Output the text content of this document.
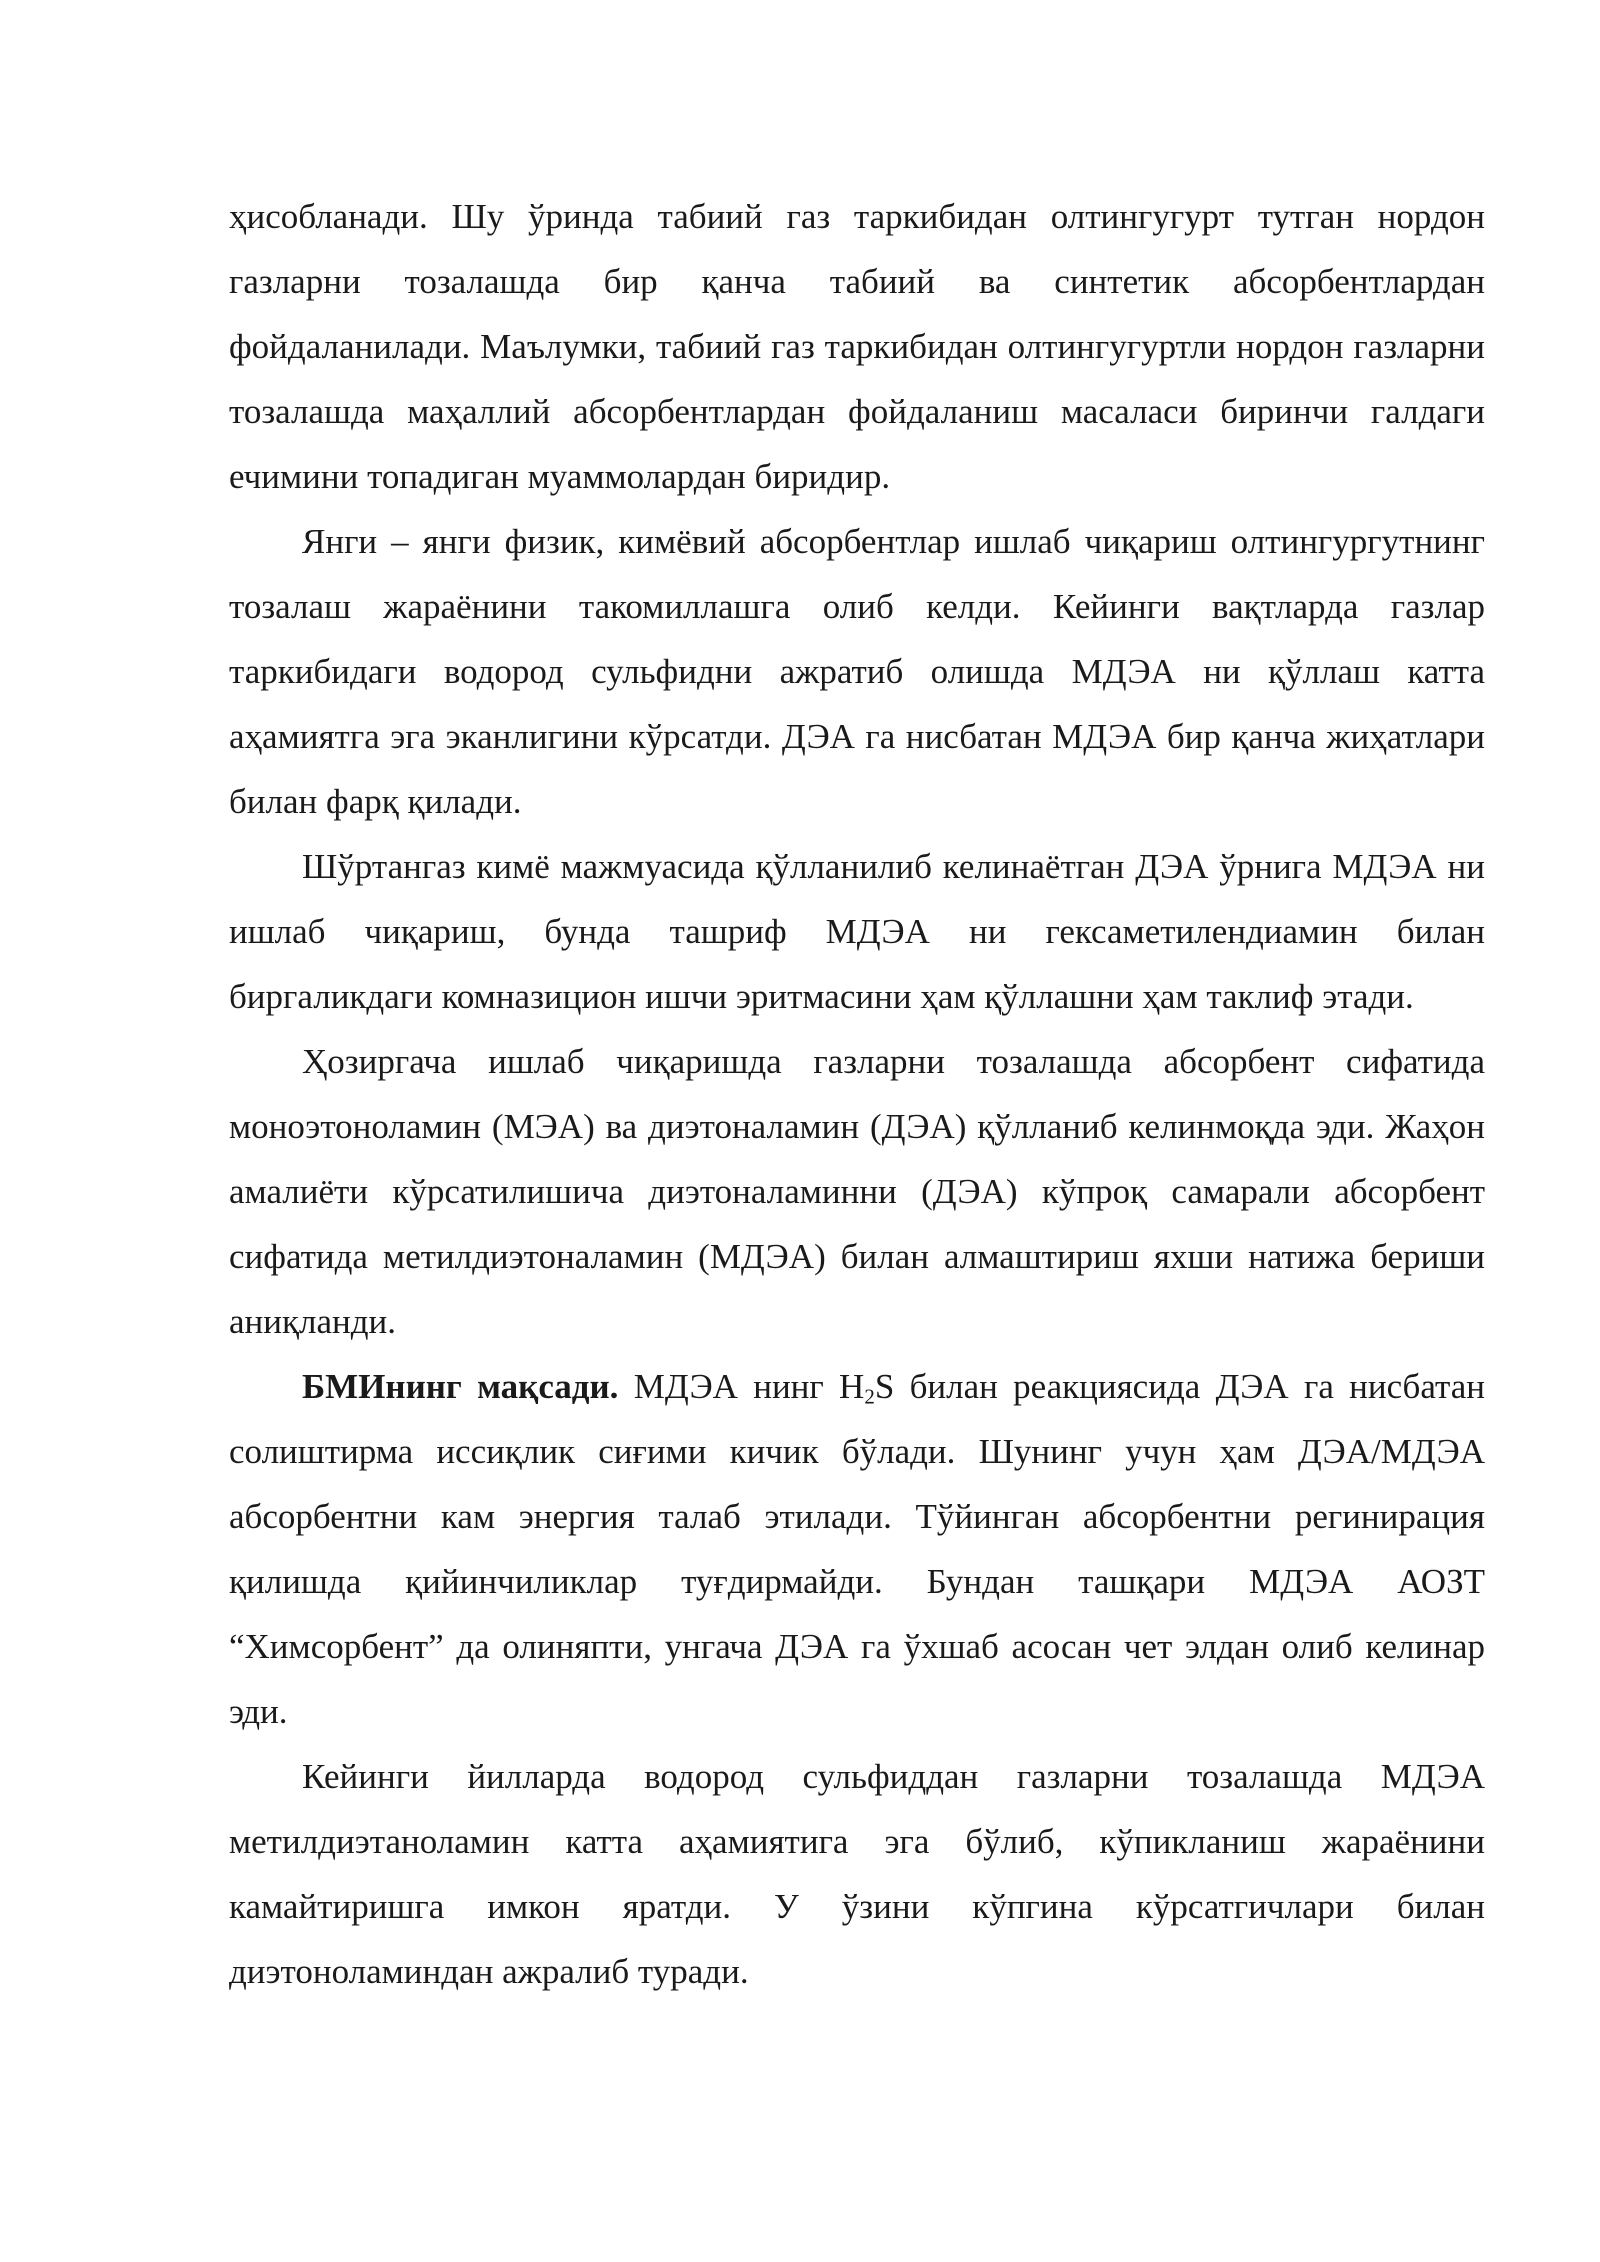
ҳисобланади. Шу ўринда табиий газ таркибидан олтингугурт тутган нордон газларни тозалашда бир қанча табиий ва синтетик абсорбентлардан фойдаланилади. Маълумки, табиий газ таркибидан олтингугуртли нордон газларни тозалашда маҳаллий абсорбентлардан фойдаланиш масаласи биринчи галдаги ечимини топадиган муаммолардан биридир.

Янги – янги физик, кимёвий абсорбентлар ишлаб чиқариш олтингургутнинг тозалаш жараёнини такомиллашга олиб келди. Кейинги вақтларда газлар таркибидаги водород сульфидни ажратиб олишда МДЭА ни қўллаш катта аҳамиятга эга эканлигини кўрсатди. ДЭА га нисбатан МДЭА бир қанча жиҳатлари билан фарқ қилади.

Шўртангаз кимё мажмуасида қўлланилиб келинаётган ДЭА ўрнига МДЭА ни ишлаб чиқариш, бунда ташриф МДЭА ни гексаметилендиамин билан биргаликдаги комназицион ишчи эритмасини ҳам қўллашни ҳам таклиф этади.

Ҳозиргача ишлаб чиқаришда газларни тозалашда абсорбент сифатида моноэтоноламин (МЭА) ва диэтоналамин (ДЭА) қўлланиб келинмоқда эди. Жаҳон амалиёти кўрсатилишича диэтоналаминни (ДЭА) кўпроқ самарали абсорбент сифатида метилдиэтоналамин (МДЭА) билан алмаштириш яхши натижа бериши аниқланди.

БМИнинг мақсади. МДЭА нинг $H_2S$ билан реакциясида ДЭА га нисбатан солиштирма иссиқлик сиғими кичик бўлади. Шунинг учун ҳам ДЭА/МДЭА абсорбентни кам энергия талаб этилади. Тўйинган абсорбентни регинирация қилишда қийинчиликлар туғдирмайди. Бундан ташқари МДЭА АОЗТ “Химсорбент” да олиняпти, унгача ДЭА га ўхшаб асосан чет элдан олиб келинар эди.

Кейинги йилларда водород сульфиддан газларни тозалашда МДЭА метилдиэтаноламин катта аҳамиятига эга бўлиб, кўпикланиш жараёнини камайтиришга имкон яратди. У ўзини кўпгина кўрсатгичлари билан диэтоноламиндан ажралиб туради.
